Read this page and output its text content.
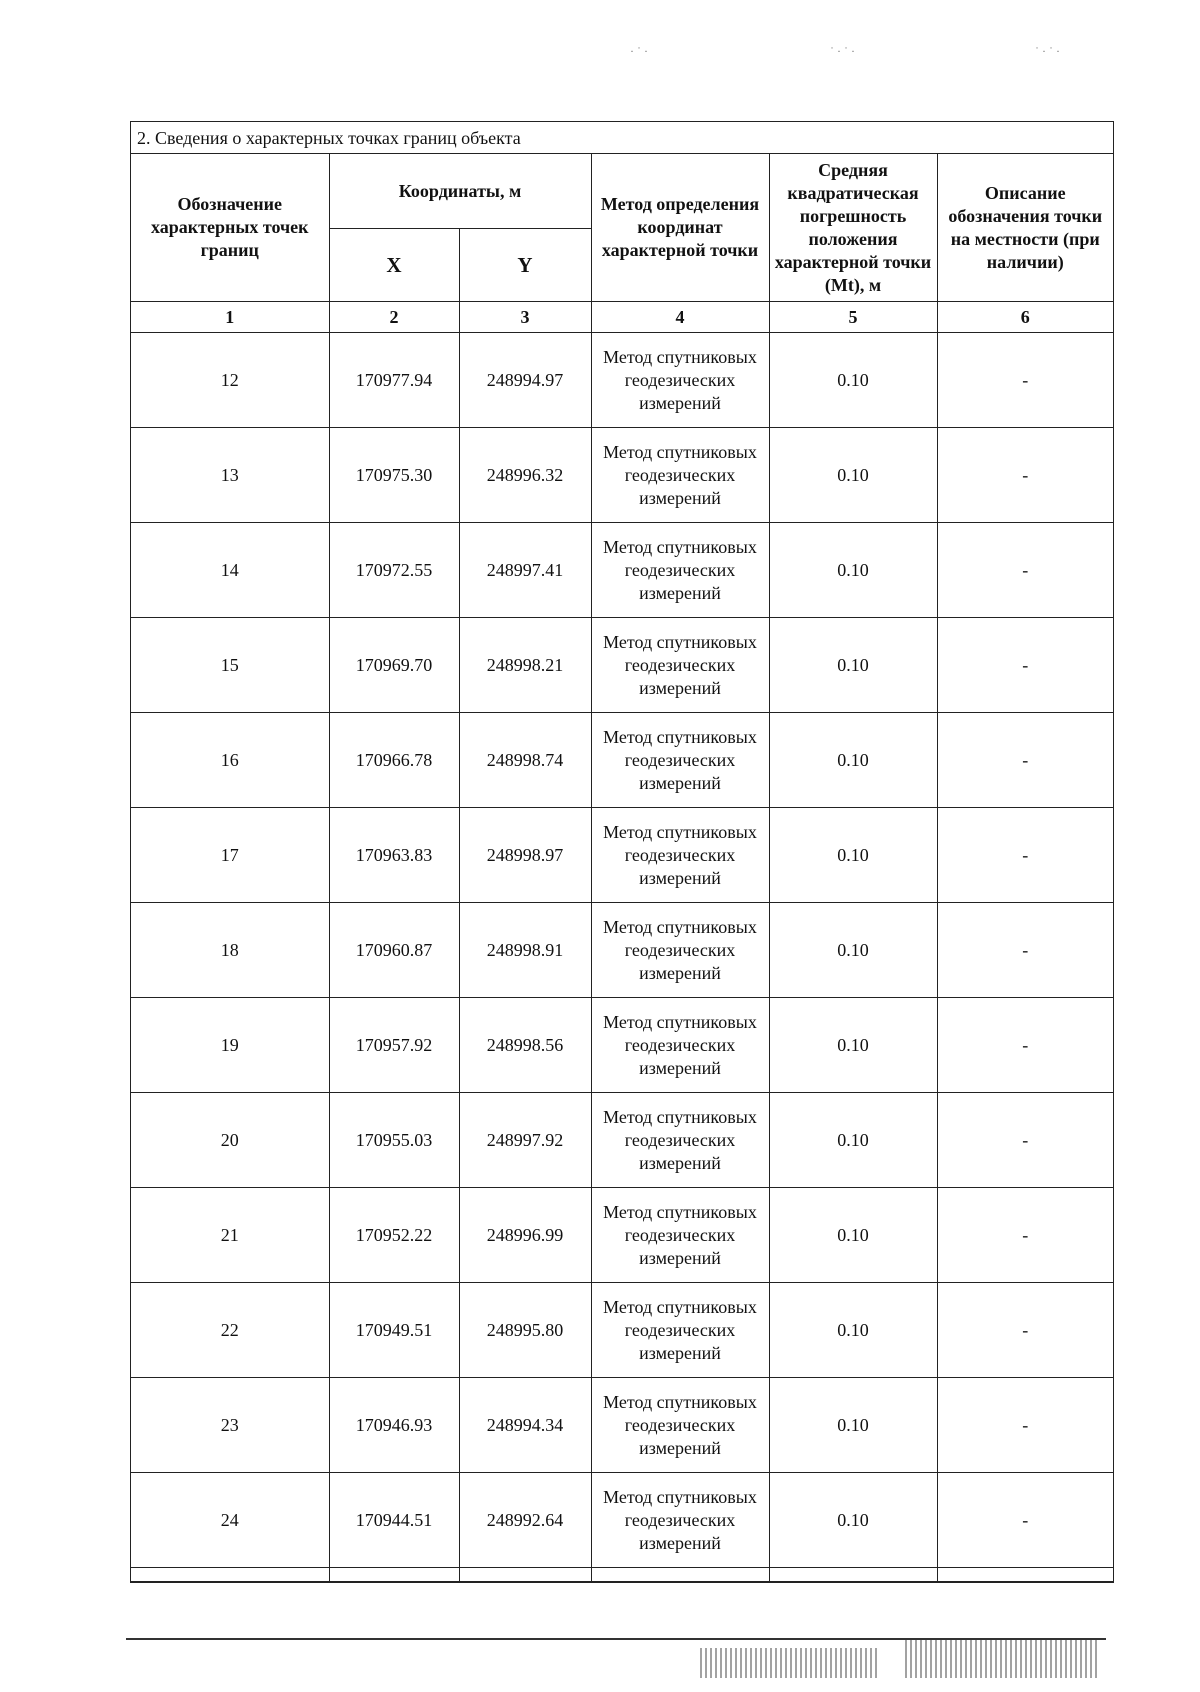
· ˙ ·	˙ · ˙ ·	˙ · ˙ ·
2. Сведения о характерных точках границ объекта
Обозначение характерных точек границ	Координаты, м		Метод определения координат характерной точки	Средняя квадратическая погрешность положения характерной точки (Mt), м	Описание обозначения точки на местности (при наличии)
	X	Y			
1	2	3	4	5	6
12	170977.94	248994.97	Метод спутниковых геодезических измерений	0.10	-
13	170975.30	248996.32	Метод спутниковых геодезических измерений	0.10	-
14	170972.55	248997.41	Метод спутниковых геодезических измерений	0.10	-
15	170969.70	248998.21	Метод спутниковых геодезических измерений	0.10	-
16	170966.78	248998.74	Метод спутниковых геодезических измерений	0.10	-
17	170963.83	248998.97	Метод спутниковых геодезических измерений	0.10	-
18	170960.87	248998.91	Метод спутниковых геодезических измерений	0.10	-
19	170957.92	248998.56	Метод спутниковых геодезических измерений	0.10	-
20	170955.03	248997.92	Метод спутниковых геодезических измерений	0.10	-
21	170952.22	248996.99	Метод спутниковых геодезических измерений	0.10	-
22	170949.51	248995.80	Метод спутниковых геодезических измерений	0.10	-
23	170946.93	248994.34	Метод спутниковых геодезических измерений	0.10	-
24	170944.51	248992.64	Метод спутниковых геодезических измерений	0.10	-
